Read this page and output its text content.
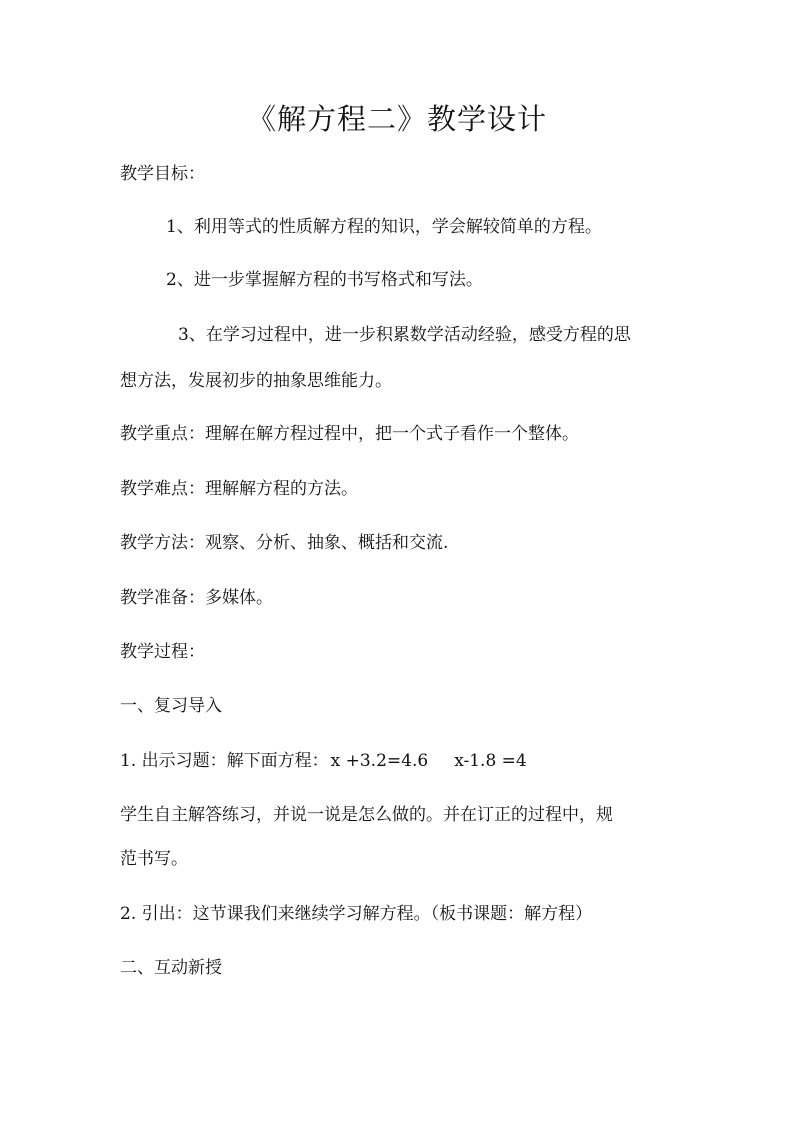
《解方程二》教学设计

教学目标：

1、利用等式的性质解方程的知识，学会解较简单的方程。

2、进一步掌握解方程的书写格式和写法。

3、在学习过程中，进一步积累数学活动经验，感受方程的思

想方法，发展初步的抽象思维能力。

教学重点：理解在解方程过程中，把一个式子看作一个整体。

教学难点：理解解方程的方法。

教学方法：观察、分析、抽象、概括和交流.

教学准备：多媒体。

教学过程：

一、复习导入

1. 出示习题：解下面方程： x +3.2=4.6 x-1.8 =4

学生自主解答练习，并说一说是怎么做的。并在订正的过程中，规

范书写。

2. 引出：这节课我们来继续学习解方程。（板书课题：解方程）

二、互动新授
